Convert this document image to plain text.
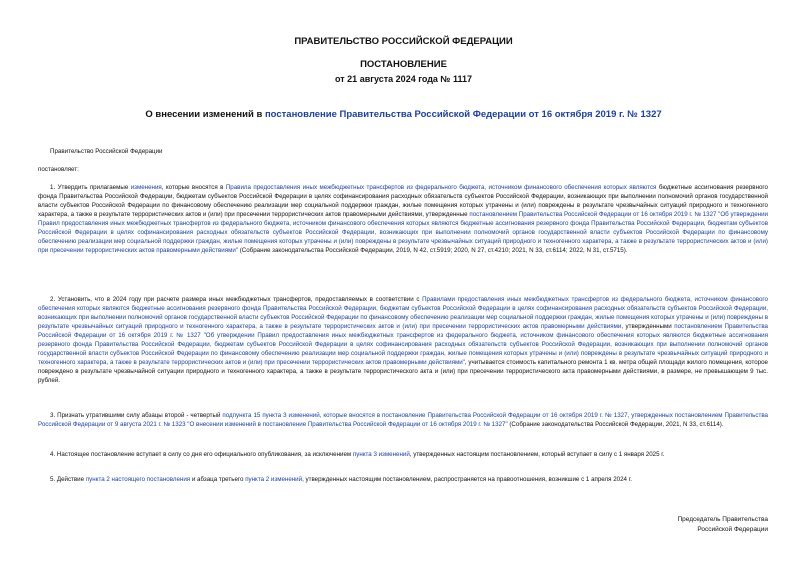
ПРАВИТЕЛЬСТВО РОССИЙСКОЙ ФЕДЕРАЦИИ
ПОСТАНОВЛЕНИЕ
от 21 августа 2024 года № 1117
О внесении изменений в постановление Правительства Российской Федерации от 16 октября 2019 г. № 1327
Правительство Российской Федерации
постановляет:

1. Утвердить прилагаемые изменения, которые вносятся в Правила предоставления иных межбюджетных трансфертов из федерального бюджета, источником финансового обеспечения которых являются бюджетные ассигнования резервного фонда Правительства Российской Федерации, бюджетам субъектов Российской Федерации в целях софинансирования расходных обязательств субъектов Российской Федерации, возникающих при выполнении полномочий органов государственной власти субъектов Российской Федерации по финансовому обеспечению реализации мер социальной поддержки граждан, жилые помещения которых утрачены и (или) повреждены в результате чрезвычайных ситуаций природного и техногенного характера, а также в результате террористических актов и (или) при пресечении террористических актов правомерными действиями, утвержденные постановлением Правительства Российской Федерации от 16 октября 2019 г. № 1327 "Об утверждении Правил предоставления иных межбюджетных трансфертов из федерального бюджета, источником финансового обеспечения которых являются бюджетные ассигнования резервного фонда Правительства Российской Федерации, бюджетам субъектов Российской Федерации в целях софинансирования расходных обязательств субъектов Российской Федерации, возникающих при выполнении полномочий органов государственной власти субъектов Российской Федерации по финансовому обеспечению реализации мер социальной поддержки граждан, жилые помещения которых утрачены и (или) повреждены в результате чрезвычайных ситуаций природного и техногенного характера, а также в результате террористических актов и (или) при пресечении террористических актов правомерными действиями" (Собрание законодательства Российской Федерации, 2019, N 42, ст.5919; 2020, N 27, ст.4210; 2021, N 33, ст.6114; 2022, N 31, ст.5715).

2. Установить, что в 2024 году при расчете размера иных межбюджетных трансфертов, предоставляемых в соответствии с Правилами предоставления иных межбюджетных трансфертов из федерального бюджета, источником финансового обеспечения которых являются бюджетные ассигнования резервного фонда Правительства Российской Федерации, бюджетам субъектов Российской Федерации в целях софинансирования расходных обязательств субъектов Российской Федерации, возникающих при выполнении полномочий органов государственной власти субъектов Российской Федерации по финансовому обеспечению реализации мер социальной поддержки граждан, жилые помещения которых утрачены и (или) повреждены в результате чрезвычайных ситуаций природного и техногенного характера, а также в результате террористических актов и (или) при пресечении террористических актов правомерными действиями, утвержденными постановлением Правительства Российской Федерации от 16 октября 2019 г. № 1327 "Об утверждении Правил предоставления иных межбюджетных трансфертов из федерального бюджета, источником финансового обеспечения которых являются бюджетные ассигнования резервного фонда Правительства Российской Федерации, бюджетам субъектов Российской Федерации в целях софинансирования расходных обязательств субъектов Российской Федерации, возникающих при выполнении полномочий органов государственной власти субъектов Российской Федерации по финансовому обеспечению реализации мер социальной поддержки граждан, жилые помещения которых утрачены и (или) повреждены в результате чрезвычайных ситуаций природного и техногенного характера, а также в результате террористических актов и (или) при пресечении террористических актов правомерными действиями", учитывается стоимость капитального ремонта 1 кв. метра общей площади жилого помещения, которое повреждено в результате чрезвычайной ситуации природного и техногенного характера, а также в результате террористического акта и (или) при пресечении террористического акта правомерными действиями, в размере, не превышающем 9 тыс. рублей.

3. Признать утратившими силу абзацы второй - четвертый подпункта 15 пункта 3 изменений, которые вносятся в постановление Правительства Российской Федерации от 16 октября 2019 г. № 1327, утвержденных постановлением Правительства Российской Федерации от 9 августа 2021 г. № 1323 "О внесении изменений в постановление Правительства Российской Федерации от 16 октября 2019 г. № 1327" (Собрание законодательства Российской Федерации, 2021, N 33, ст.6114).

4. Настоящее постановление вступает в силу со дня его официального опубликования, за исключением пункта 3 изменений, утвержденных настоящим постановлением, который вступает в силу с 1 января 2025 г.

5. Действие пункта 2 настоящего постановления и абзаца третьего пункта 2 изменений, утвержденных настоящим постановлением, распространяется на правоотношения, возникшие с 1 апреля 2024 г.

Председатель Правительства
Российской Федерации
